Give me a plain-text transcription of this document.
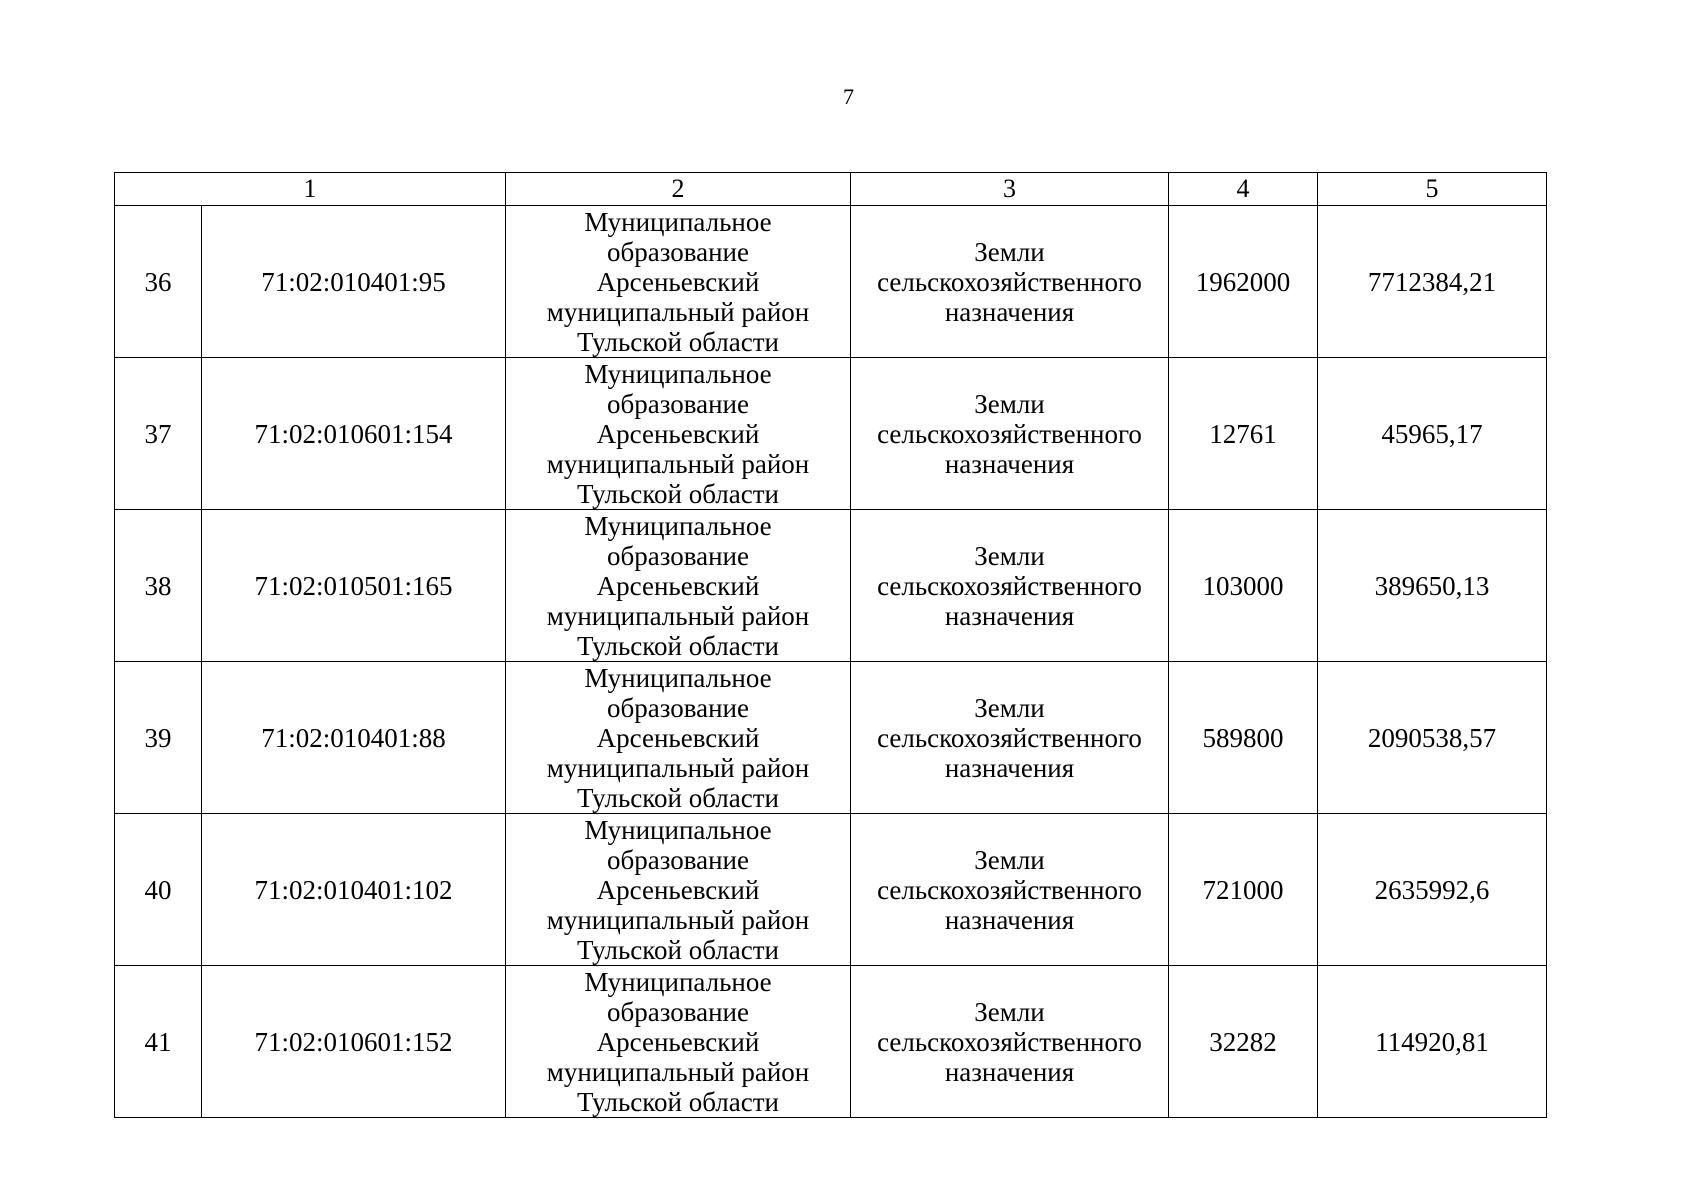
7
1		2	3	4	5
36	71:02:010401:95	Муниципальное
образование
Арсеньевский
муниципальный район
Тульской области	Земли
сельскохозяйственного
назначения	1962000	7712384,21
37	71:02:010601:154	Муниципальное
образование
Арсеньевский
муниципальный район
Тульской области	Земли
сельскохозяйственного
назначения	12761	45965,17
38	71:02:010501:165	Муниципальное
образование
Арсеньевский
муниципальный район
Тульской области	Земли
сельскохозяйственного
назначения	103000	389650,13
39	71:02:010401:88	Муниципальное
образование
Арсеньевский
муниципальный район
Тульской области	Земли
сельскохозяйственного
назначения	589800	2090538,57
40	71:02:010401:102	Муниципальное
образование
Арсеньевский
муниципальный район
Тульской области	Земли
сельскохозяйственного
назначения	721000	2635992,6
41	71:02:010601:152	Муниципальное
образование
Арсеньевский
муниципальный район
Тульской области	Земли
сельскохозяйственного
назначения	32282	114920,81
